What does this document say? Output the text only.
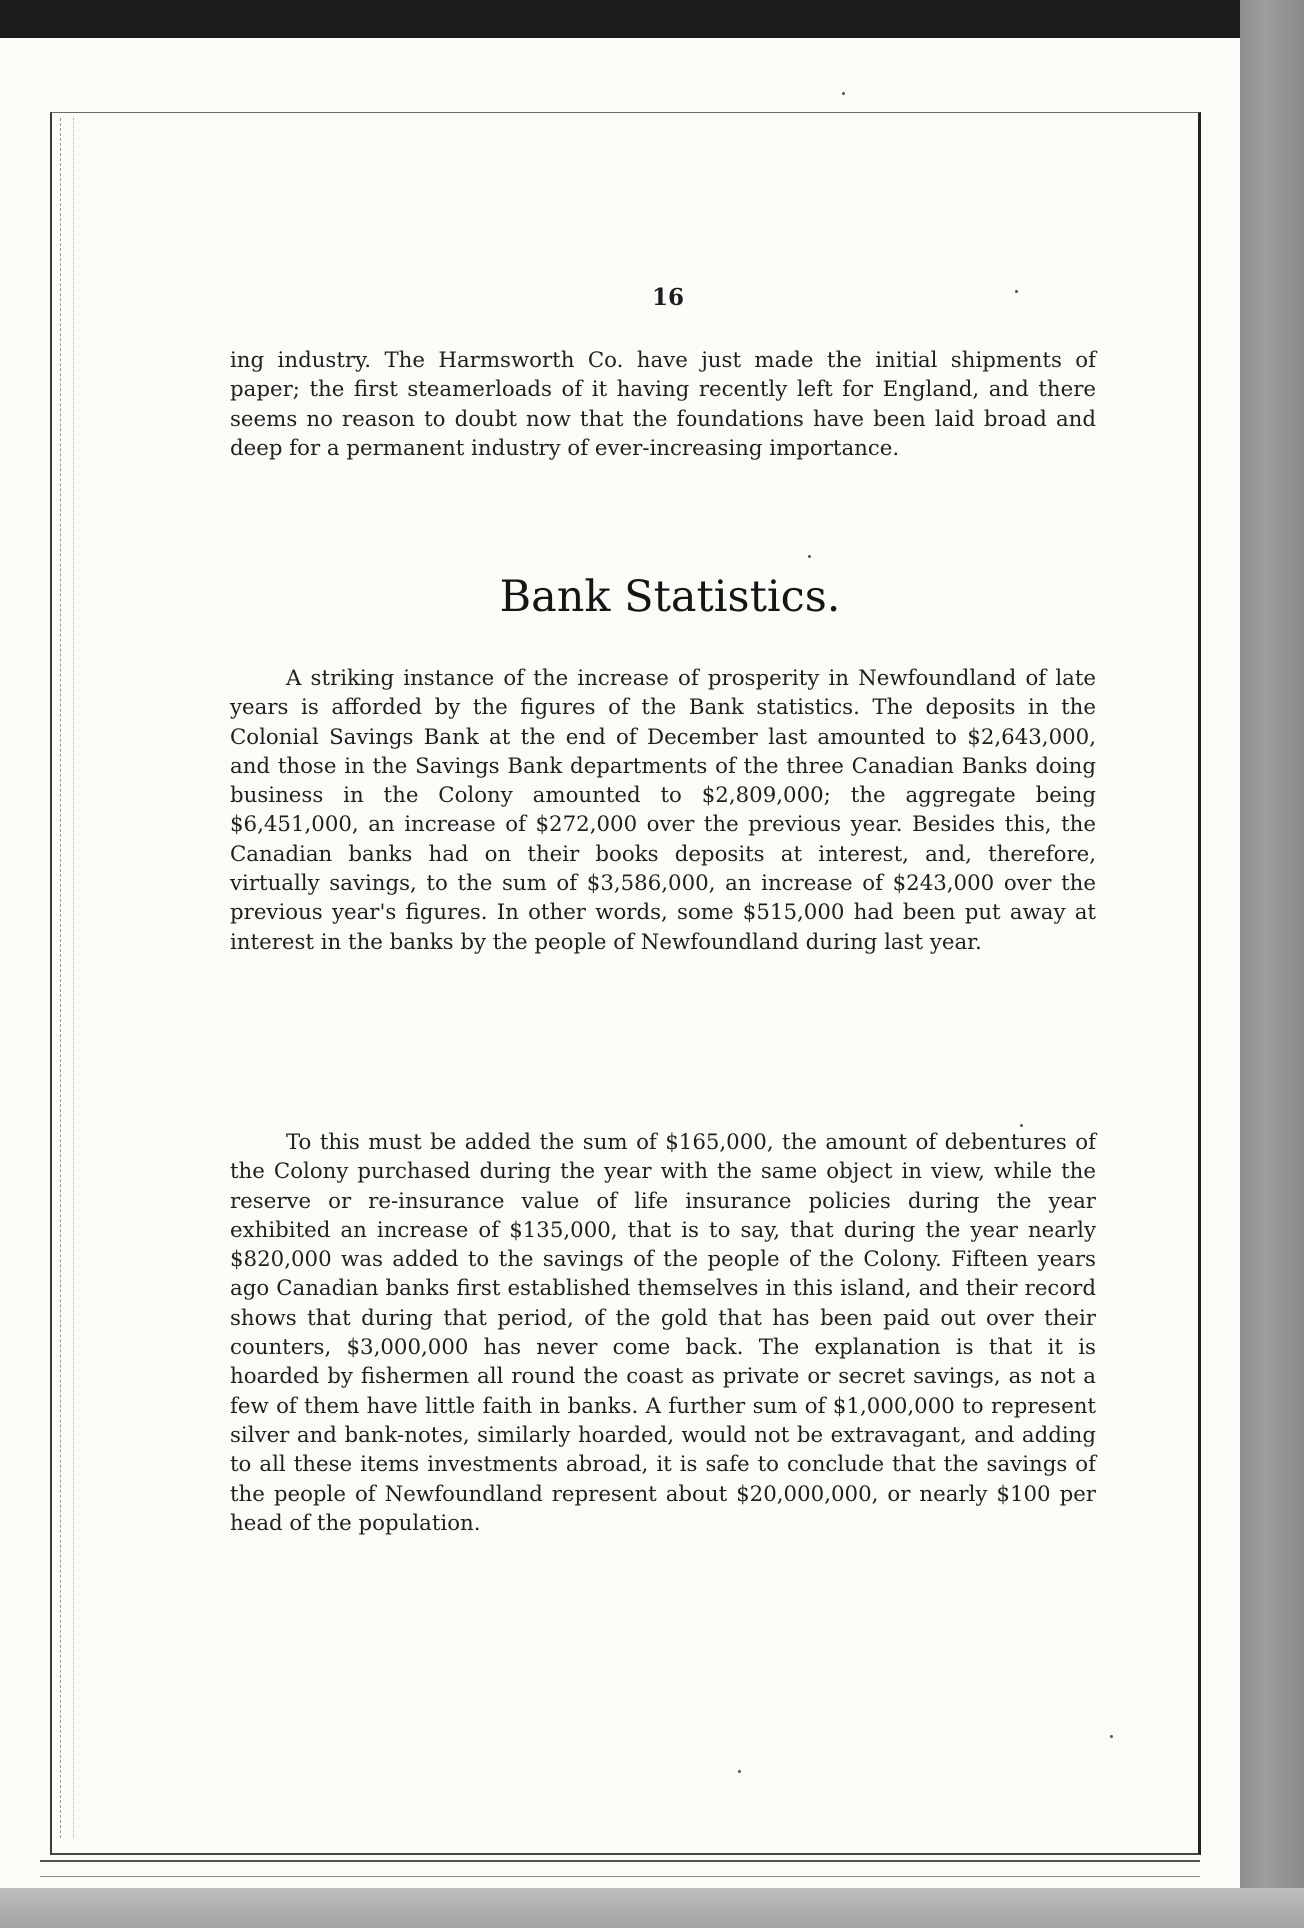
16

ing industry. The Harmsworth Co. have just made the initial shipments of paper; the first steamerloads of it having recently left for England, and there seems no reason to doubt now that the foundations have been laid broad and deep for a permanent industry of ever-increasing importance.

Bank Statistics.

A striking instance of the increase of prosperity in Newfoundland of late years is afforded by the figures of the Bank statistics. The deposits in the Colonial Savings Bank at the end of December last amounted to $2,643,000, and those in the Savings Bank departments of the three Canadian Banks doing business in the Colony amounted to $2,809,000; the aggregate being $6,451,000, an increase of $272,000 over the previous year. Besides this, the Canadian banks had on their books deposits at interest, and, therefore, virtually savings, to the sum of $3,586,000, an increase of $243,000 over the previous year's figures. In other words, some $515,000 had been put away at interest in the banks by the people of Newfoundland during last year.

To this must be added the sum of $165,000, the amount of debentures of the Colony purchased during the year with the same object in view, while the reserve or re-insurance value of life insurance policies during the year exhibited an increase of $135,000, that is to say, that during the year nearly $820,000 was added to the savings of the people of the Colony. Fifteen years ago Canadian banks first established themselves in this island, and their record shows that during that period, of the gold that has been paid out over their counters, $3,000,000 has never come back. The explanation is that it is hoarded by fishermen all round the coast as private or secret savings, as not a few of them have little faith in banks. A further sum of $1,000,000 to represent silver and bank-notes, similarly hoarded, would not be extravagant, and adding to all these items investments abroad, it is safe to conclude that the savings of the people of Newfoundland represent about $20,000,000, or nearly $100 per head of the population.
